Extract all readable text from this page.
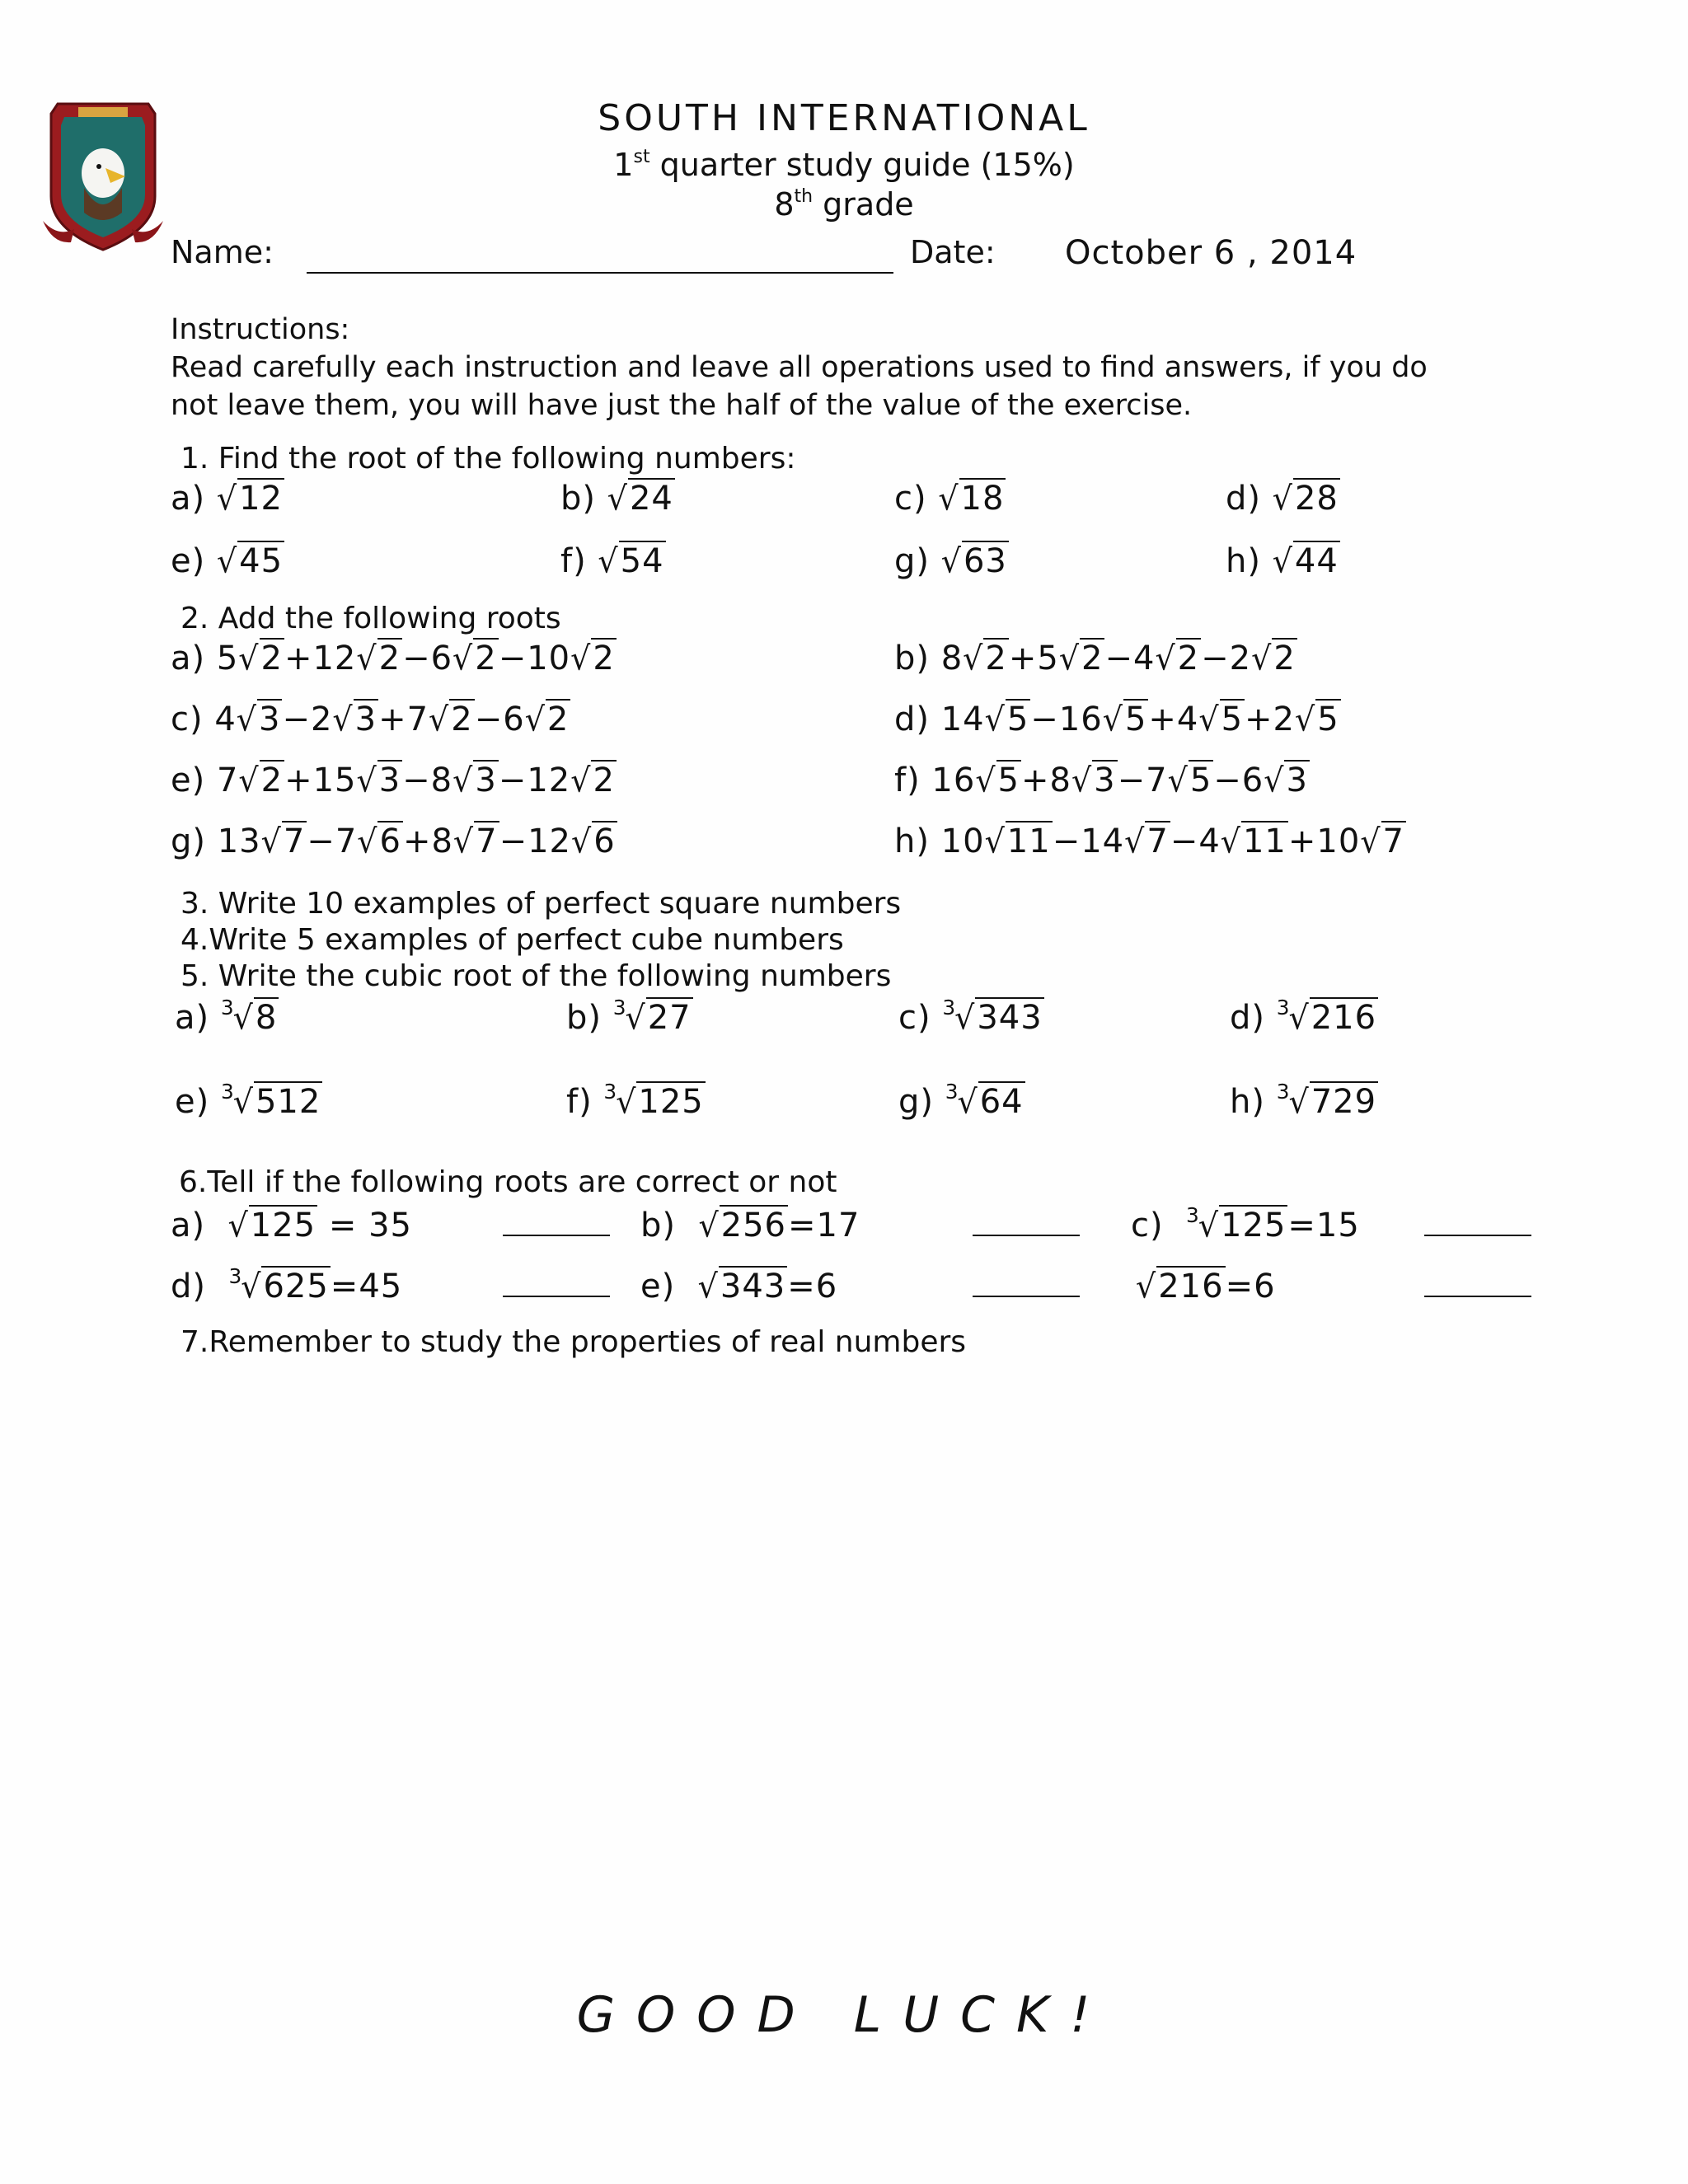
SOUTH INTERNATIONAL
1st quarter study guide (15%)
8th grade
Name:	Date: October 6 , 2014
Instructions:
Read carefully each instruction and leave all operations used to find answers, if you do
not leave them, you will have just the half of the value of the exercise.
1. Find the root of the following numbers:
a) √12	b) √24	c) √18	d) √28
e) √45	f) √54	g) √63	h) √44
2. Add the following roots
a) 5√2+12√2−6√2−10√2	b) 8√2+5√2−4√2−2√2
c) 4√3−2√3+7√2−6√2	d) 14√5−16√5+4√5+2√5
e) 7√2+15√3−8√3−12√2	f) 16√5+8√3−7√5−6√3
g) 13√7−7√6+8√7−12√6	h) 10√11−14√7−4√11+10√7
3. Write 10 examples of perfect square numbers
4.Write 5 examples of perfect cube numbers
5. Write the cubic root of the following numbers
a) $^3$√8	b) $^3$√27	c) $^3$√343	d) $^3$√216
e) $^3$√512	f) $^3$√125	g) $^3$√64	h) $^3$√729
6.Tell if the following roots are correct or not
a) √125 = 35	b) √256=17	c) $^3$√125=15
d) $^3$√625=45	e) √343=6	√216=6
7.Remember to study the properties of real numbers
GOOD LUCK!
